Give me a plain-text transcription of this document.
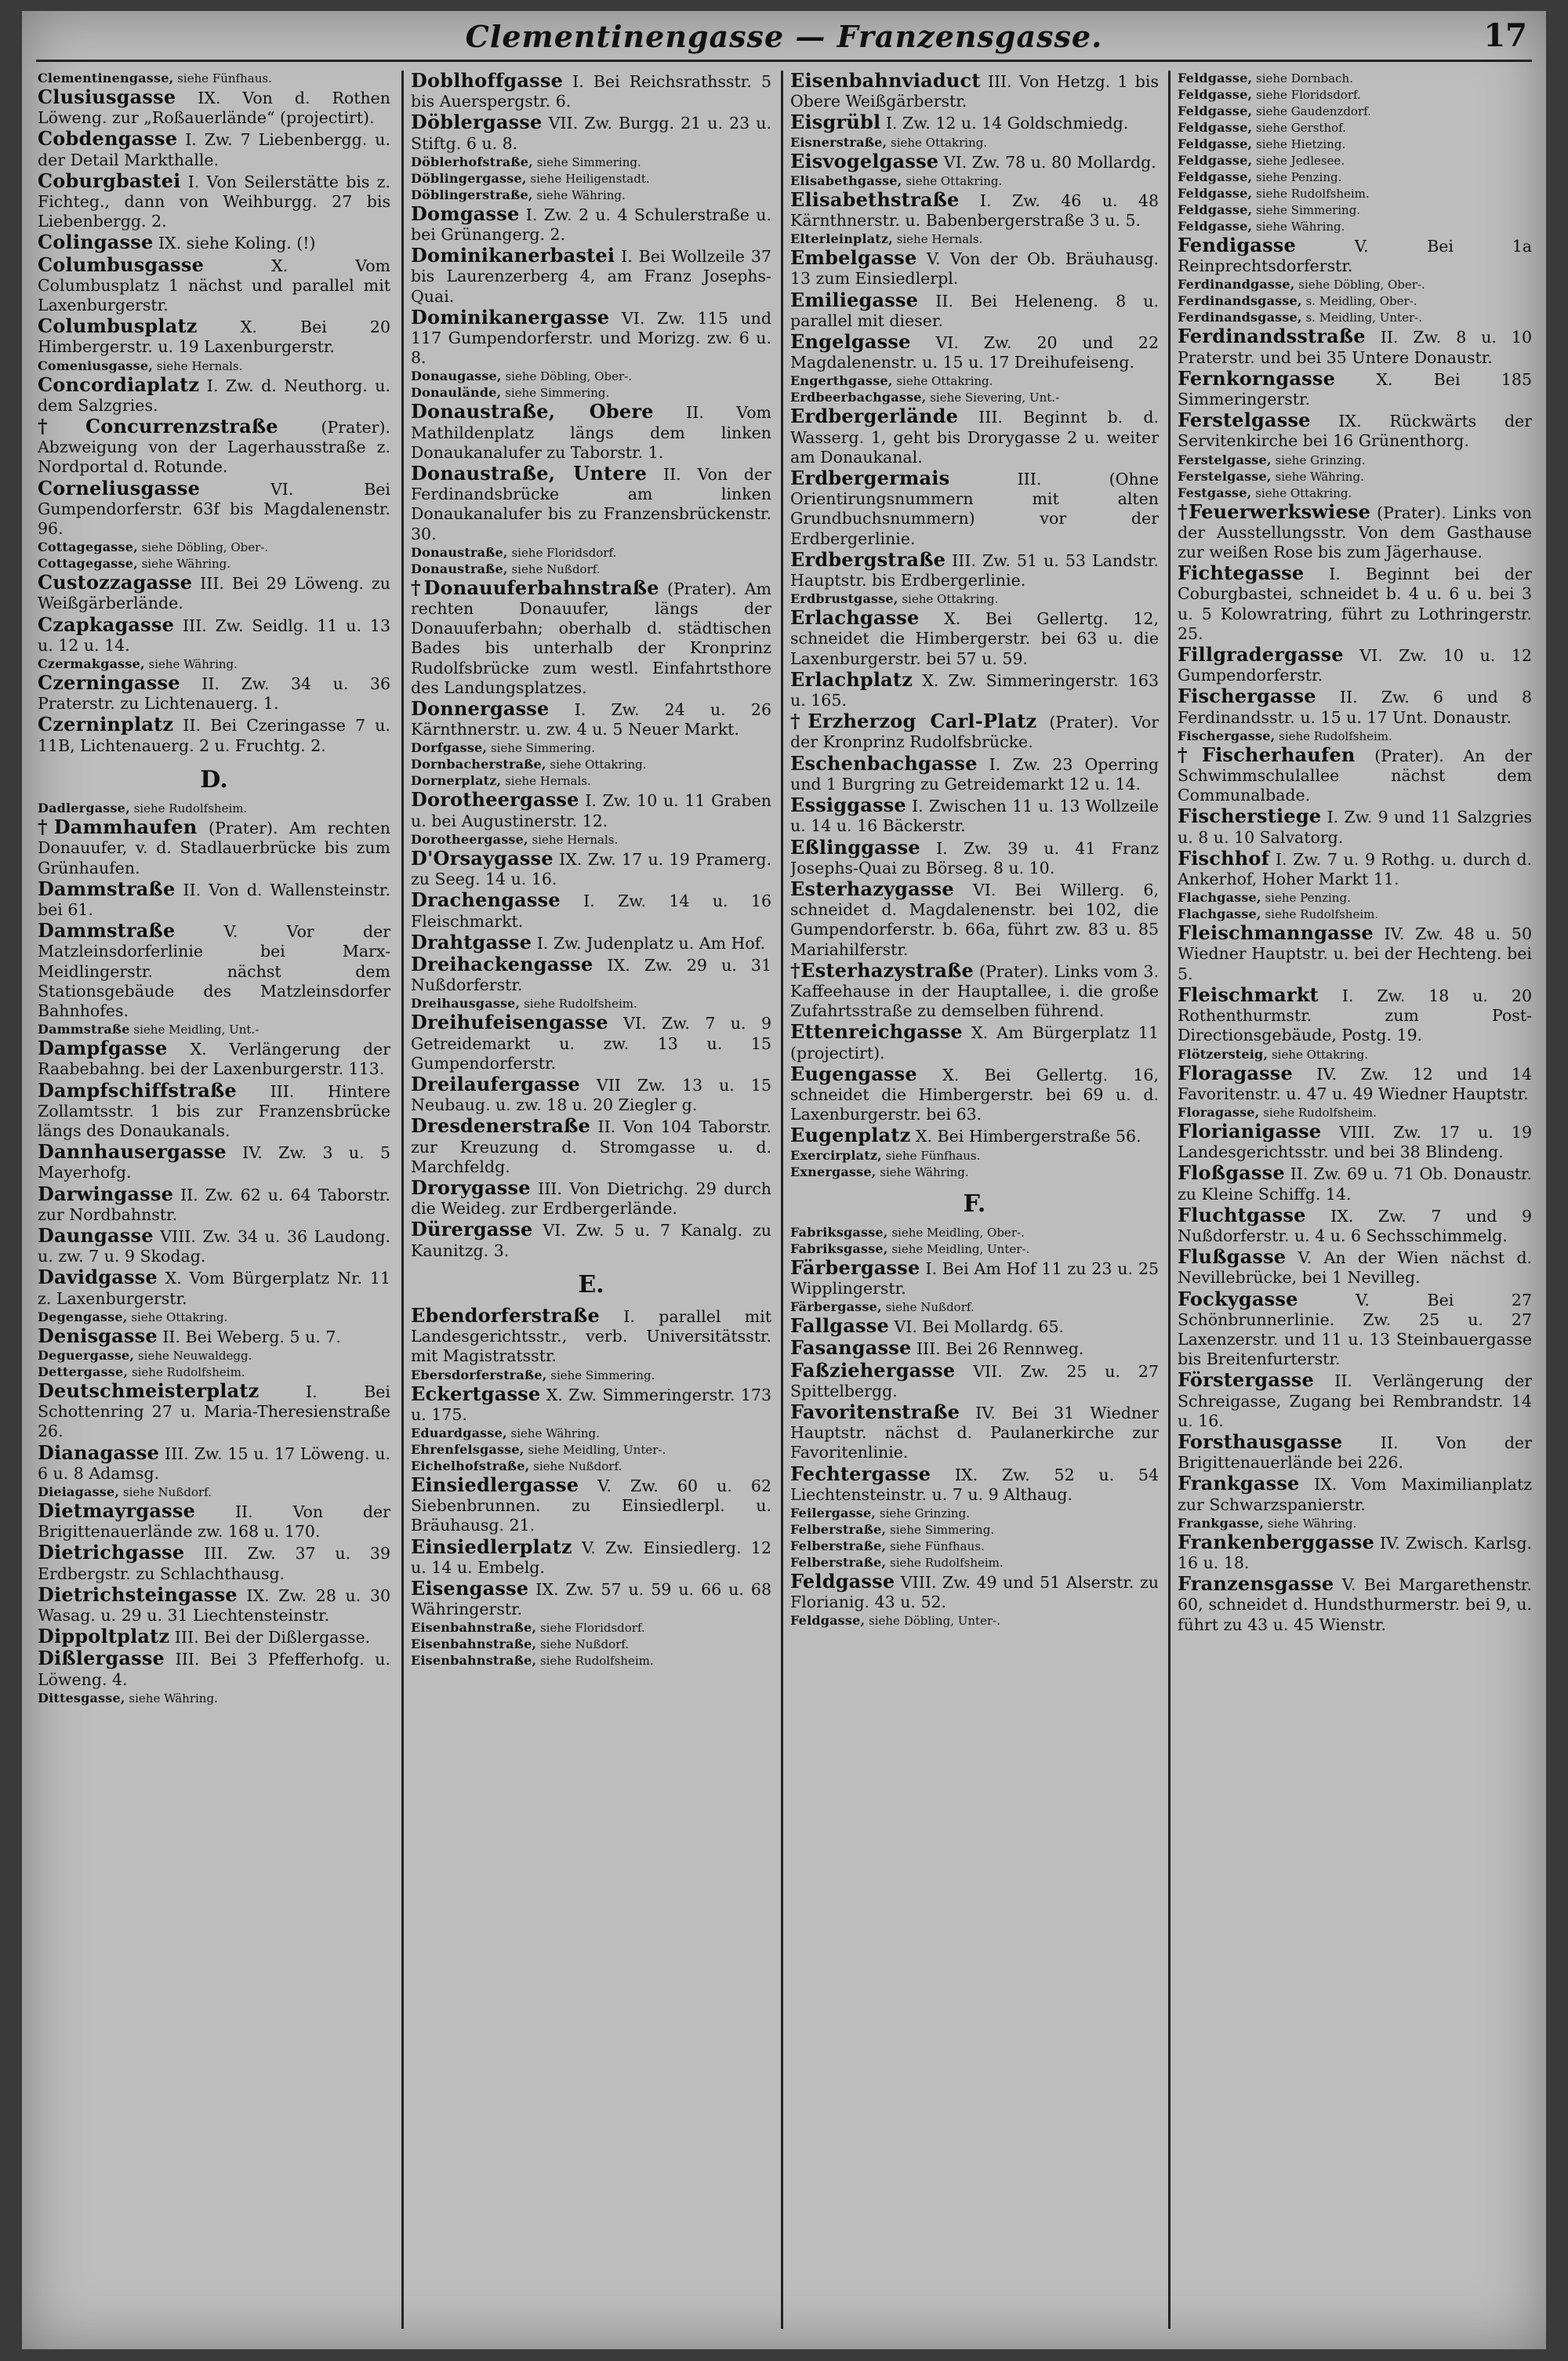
Clementinengasse — Franzensgasse.	17
Clementinengasse, siehe Fünfhaus.
Clusiusgasse IX. Von d. Rothen Löweng. zur „Roßauerlände“ (projectirt).
Cobdengasse I. Zw. 7 Liebenbergg. u. der Detail Markthalle.
Coburgbastei I. Von Seilerstätte bis z. Fichteg., dann von Weihburgg. 27 bis Liebenbergg. 2.
Colingasse IX. siehe Koling. (!)
Columbusgasse X. Vom Columbusplatz 1 nächst und parallel mit Laxenburgerstr.
Columbusplatz X. Bei 20 Himbergerstr. u. 19 Laxenburgerstr.
Comeniusgasse, siehe Hernals.
Concordiaplatz I. Zw. d. Neuthorg. u. dem Salzgries.
†Concurrenzstraße (Prater). Abzweigung von der Lagerhausstraße z. Nordportal d. Rotunde.
Corneliusgasse VI. Bei Gumpendorferstr. 63f bis Magdalenenstr. 96.
Cottagegasse, siehe Döbling, Ober-.
Cottagegasse, siehe Währing.
Custozzagasse III. Bei 29 Löweng. zu Weißgärberlände.
Czapkagasse III. Zw. Seidlg. 11 u. 13 u. 12 u. 14.
Czermakgasse, siehe Währing.
Czerningasse II. Zw. 34 u. 36 Praterstr. zu Lichtenauerg. 1.
Czerninplatz II. Bei Czeringasse 7 u. 11B, Lichtenauerg. 2 u. Fruchtg. 2.
D.
Dadlergasse, siehe Rudolfsheim.
†Dammhaufen (Prater). Am rechten Donauufer, v. d. Stadlauerbrücke bis zum Grünhaufen.
Dammstraße II. Von d. Wallensteinstr. bei 61.
Dammstraße V. Vor der Matzleinsdorferlinie bei Marx-Meidlingerstr. nächst dem Stationsgebäude des Matzleinsdorfer Bahnhofes.
Dammstraße siehe Meidling, Unt.-
Dampfgasse X. Verlängerung der Raabebahng. bei der Laxenburgerstr. 113.
Dampfschiffstraße III. Hintere Zollamtsstr. 1 bis zur Franzensbrücke längs des Donaukanals.
Dannhausergasse IV. Zw. 3 u. 5 Mayerhofg.
Darwingasse II. Zw. 62 u. 64 Taborstr. zur Nordbahnstr.
Daungasse VIII. Zw. 34 u. 36 Laudong. u. zw. 7 u. 9 Skodag.
Davidgasse X. Vom Bürgerplatz Nr. 11 z. Laxenburgerstr.
Degengasse, siehe Ottakring.
Denisgasse II. Bei Weberg. 5 u. 7.
Deguergasse, siehe Neuwaldegg.
Dettergasse, siehe Rudolfsheim.
Deutschmeisterplatz I. Bei Schottenring 27 u. Maria-Theresienstraße 26.
Dianagasse III. Zw. 15 u. 17 Löweng. u. 6 u. 8 Adamsg.
Dieiagasse, siehe Nußdorf.
Dietmayrgasse II. Von der Brigittenauerlände zw. 168 u. 170.
Dietrichgasse III. Zw. 37 u. 39 Erdbergstr. zu Schlachthausg.
Dietrichsteingasse IX. Zw. 28 u. 30 Wasag. u. 29 u. 31 Liechtensteinstr.
Dippoltplatz III. Bei der Dißlergasse.
Dißlergasse III. Bei 3 Pfefferhofg. u. Löweng. 4.
Dittesgasse, siehe Währing.
Doblhoffgasse I. Bei Reichsrathsstr. 5 bis Auerspergstr. 6.
Döblergasse VII. Zw. Burgg. 21 u. 23 u. Stiftg. 6 u. 8.
Döblerhofstraße, siehe Simmering.
Döblingergasse, siehe Heiligenstadt.
Döblingerstraße, siehe Währing.
Domgasse I. Zw. 2 u. 4 Schulerstraße u. bei Grünangerg. 2.
Dominikanerbastei I. Bei Wollzeile 37 bis Laurenzerberg 4, am Franz Josephs-Quai.
Dominikanergasse VI. Zw. 115 und 117 Gumpendorferstr. und Morizg. zw. 6 u. 8.
Donaugasse, siehe Döbling, Ober-.
Donaulände, siehe Simmering.
Donaustraße, Obere II. Vom Mathildenplatz längs dem linken Donaukanalufer zu Taborstr. 1.
Donaustraße, Untere II. Von der Ferdinandsbrücke am linken Donaukanalufer bis zu Franzensbrückenstr. 30.
Donaustraße, siehe Floridsdorf.
Donaustraße, siehe Nußdorf.
†Donauuferbahnstraße (Prater). Am rechten Donauufer, längs der Donauuferbahn; oberhalb d. städtischen Bades bis unterhalb der Kronprinz Rudolfsbrücke zum westl. Einfahrtsthore des Landungsplatzes.
Donnergasse I. Zw. 24 u. 26 Kärnthnerstr. u. zw. 4 u. 5 Neuer Markt.
Dorfgasse, siehe Simmering.
Dornbacherstraße, siehe Ottakring.
Dornerplatz, siehe Hernals.
Dorotheergasse I. Zw. 10 u. 11 Graben u. bei Augustinerstr. 12.
Dorotheergasse, siehe Hernals.
D'Orsaygasse IX. Zw. 17 u. 19 Pramerg. zu Seeg. 14 u. 16.
Drachengasse I. Zw. 14 u. 16 Fleischmarkt.
Drahtgasse I. Zw. Judenplatz u. Am Hof.
Dreihackengasse IX. Zw. 29 u. 31 Nußdorferstr.
Dreihausgasse, siehe Rudolfsheim.
Dreihufeisengasse VI. Zw. 7 u. 9 Getreidemarkt u. zw. 13 u. 15 Gumpendorferstr.
Dreilaufergasse VII Zw. 13 u. 15 Neubaug. u. zw. 18 u. 20 Ziegler g.
Dresdenerstraße II. Von 104 Taborstr. zur Kreuzung d. Stromgasse u. d. Marchfeldg.
Drorygasse III. Von Dietrichg. 29 durch die Weideg. zur Erdbergerlände.
Dürergasse VI. Zw. 5 u. 7 Kanalg. zu Kaunitzg. 3.
E.
Ebendorferstraße I. parallel mit Landesgerichtsstr., verb. Universitätsstr. mit Magistratsstr.
Ebersdorferstraße, siehe Simmering.
Eckertgasse X. Zw. Simmeringerstr. 173 u. 175.
Eduardgasse, siehe Währing.
Ehrenfelsgasse, siehe Meidling, Unter-.
Eichelhofstraße, siehe Nußdorf.
Einsiedlergasse V. Zw. 60 u. 62 Siebenbrunnen. zu Einsiedlerpl. u. Bräuhausg. 21.
Einsiedlerplatz V. Zw. Einsiedlerg. 12 u. 14 u. Embelg.
Eisengasse IX. Zw. 57 u. 59 u. 66 u. 68 Währingerstr.
Eisenbahnstraße, siehe Floridsdorf.
Eisenbahnstraße, siehe Nußdorf.
Eisenbahnstraße, siehe Rudolfsheim.
Eisenbahnviaduct III. Von Hetzg. 1 bis Obere Weißgärberstr.
Eisgrübl I. Zw. 12 u. 14 Goldschmiedg.
Eisnerstraße, siehe Ottakring.
Eisvogelgasse VI. Zw. 78 u. 80 Mollardg.
Elisabethgasse, siehe Ottakring.
Elisabethstraße I. Zw. 46 u. 48 Kärnthnerstr. u. Babenbergerstraße 3 u. 5.
Elterleinplatz, siehe Hernals.
Embelgasse V. Von der Ob. Bräuhausg. 13 zum Einsiedlerpl.
Emiliegasse II. Bei Heleneng. 8 u. parallel mit dieser.
Engelgasse VI. Zw. 20 und 22 Magdalenenstr. u. 15 u. 17 Dreihufeiseng.
Engerthgasse, siehe Ottakring.
Erdbeerbachgasse, siehe Sievering, Unt.-
Erdbergerlände III. Beginnt b. d. Wasserg. 1, geht bis Drorygasse 2 u. weiter am Donaukanal.
Erdbergermais III. (Ohne Orientirungsnummern mit alten Grundbuchsnummern) vor der Erdbergerlinie.
Erdbergstraße III. Zw. 51 u. 53 Landstr. Hauptstr. bis Erdbergerlinie.
Erdbrustgasse, siehe Ottakring.
Erlachgasse X. Bei Gellertg. 12, schneidet die Himbergerstr. bei 63 u. die Laxenburgerstr. bei 57 u. 59.
Erlachplatz X. Zw. Simmeringerstr. 163 u. 165.
†Erzherzog Carl-Platz (Prater). Vor der Kronprinz Rudolfsbrücke.
Eschenbachgasse I. Zw. 23 Operring und 1 Burgring zu Getreidemarkt 12 u. 14.
Essiggasse I. Zwischen 11 u. 13 Wollzeile u. 14 u. 16 Bäckerstr.
Eßlinggasse I. Zw. 39 u. 41 Franz Josephs-Quai zu Börseg. 8 u. 10.
Esterhazygasse VI. Bei Willerg. 6, schneidet d. Magdalenenstr. bei 102, die Gumpendorferstr. b. 66a, führt zw. 83 u. 85 Mariahilferstr.
†Esterhazystraße (Prater). Links vom 3. Kaffeehause in der Hauptallee, i. die große Zufahrtsstraße zu demselben führend.
Ettenreichgasse X. Am Bürgerplatz 11 (projectirt).
Eugengasse X. Bei Gellertg. 16, schneidet die Himbergerstr. bei 69 u. d. Laxenburgerstr. bei 63.
Eugenplatz X. Bei Himbergerstraße 56.
Exercirplatz, siehe Fünfhaus.
Exnergasse, siehe Währing.
F.
Fabriksgasse, siehe Meidling, Ober-.
Fabriksgasse, siehe Meidling, Unter-.
Färbergasse I. Bei Am Hof 11 zu 23 u. 25 Wipplingerstr.
Färbergasse, siehe Nußdorf.
Fallgasse VI. Bei Mollardg. 65.
Fasangasse III. Bei 26 Rennweg.
Faßziehergasse VII. Zw. 25 u. 27 Spittelbergg.
Favoritenstraße IV. Bei 31 Wiedner Hauptstr. nächst d. Paulanerkirche zur Favoritenlinie.
Fechtergasse IX. Zw. 52 u. 54 Liechtensteinstr. u. 7 u. 9 Althaug.
Feilergasse, siehe Grinzing.
Felberstraße, siehe Simmering.
Felberstraße, siehe Fünfhaus.
Felberstraße, siehe Rudolfsheim.
Feldgasse VIII. Zw. 49 und 51 Alserstr. zu Florianig. 43 u. 52.
Feldgasse, siehe Döbling, Unter-.
Feldgasse, siehe Dornbach.
Feldgasse, siehe Floridsdorf.
Feldgasse, siehe Gaudenzdorf.
Feldgasse, siehe Gersthof.
Feldgasse, siehe Hietzing.
Feldgasse, siehe Jedlesee.
Feldgasse, siehe Penzing.
Feldgasse, siehe Rudolfsheim.
Feldgasse, siehe Simmering.
Feldgasse, siehe Währing.
Fendigasse V. Bei 1a Reinprechtsdorferstr.
Ferdinandgasse, siehe Döbling, Ober-.
Ferdinandsgasse, s. Meidling, Ober-.
Ferdinandsgasse, s. Meidling, Unter-.
Ferdinandsstraße II. Zw. 8 u. 10 Praterstr. und bei 35 Untere Donaustr.
Fernkorngasse X. Bei 185 Simmeringerstr.
Ferstelgasse IX. Rückwärts der Servitenkirche bei 16 Grünenthorg.
Ferstelgasse, siehe Grinzing.
Ferstelgasse, siehe Währing.
Festgasse, siehe Ottakring.
†Feuerwerkswiese (Prater). Links von der Ausstellungsstr. Von dem Gasthause zur weißen Rose bis zum Jägerhause.
Fichtegasse I. Beginnt bei der Coburgbastei, schneidet b. 4 u. 6 u. bei 3 u. 5 Kolowratring, führt zu Lothringerstr. 25.
Fillgradergasse VI. Zw. 10 u. 12 Gumpendorferstr.
Fischergasse II. Zw. 6 und 8 Ferdinandsstr. u. 15 u. 17 Unt. Donaustr.
Fischergasse, siehe Rudolfsheim.
†Fischerhaufen (Prater). An der Schwimmschulallee nächst dem Communalbade.
Fischerstiege I. Zw. 9 und 11 Salzgries u. 8 u. 10 Salvatorg.
Fischhof I. Zw. 7 u. 9 Rothg. u. durch d. Ankerhof, Hoher Markt 11.
Flachgasse, siehe Penzing.
Flachgasse, siehe Rudolfsheim.
Fleischmanngasse IV. Zw. 48 u. 50 Wiedner Hauptstr. u. bei der Hechteng. bei 5.
Fleischmarkt I. Zw. 18 u. 20 Rothenthurmstr. zum Post-Directionsgebäude, Postg. 19.
Flötzersteig, siehe Ottakring.
Floragasse IV. Zw. 12 und 14 Favoritenstr. u. 47 u. 49 Wiedner Hauptstr.
Floragasse, siehe Rudolfsheim.
Florianigasse VIII. Zw. 17 u. 19 Landesgerichtsstr. und bei 38 Blindeng.
Floßgasse II. Zw. 69 u. 71 Ob. Donaustr. zu Kleine Schiffg. 14.
Fluchtgasse IX. Zw. 7 und 9 Nußdorferstr. u. 4 u. 6 Sechsschimmelg.
Flußgasse V. An der Wien nächst d. Nevillebrücke, bei 1 Nevilleg.
Fockygasse V. Bei 27 Schönbrunnerlinie. Zw. 25 u. 27 Laxenzerstr. und 11 u. 13 Steinbauergasse bis Breitenfurterstr.
Förstergasse II. Verlängerung der Schreigasse, Zugang bei Rembrandstr. 14 u. 16.
Forsthausgasse II. Von der Brigittenauerlände bei 226.
Frankgasse IX. Vom Maximilianplatz zur Schwarzspanierstr.
Frankgasse, siehe Währing.
Frankenberggasse IV. Zwisch. Karlsg. 16 u. 18.
Franzensgasse V. Bei Margarethenstr. 60, schneidet d. Hundsthurmerstr. bei 9, u. führt zu 43 u. 45 Wienstr.
